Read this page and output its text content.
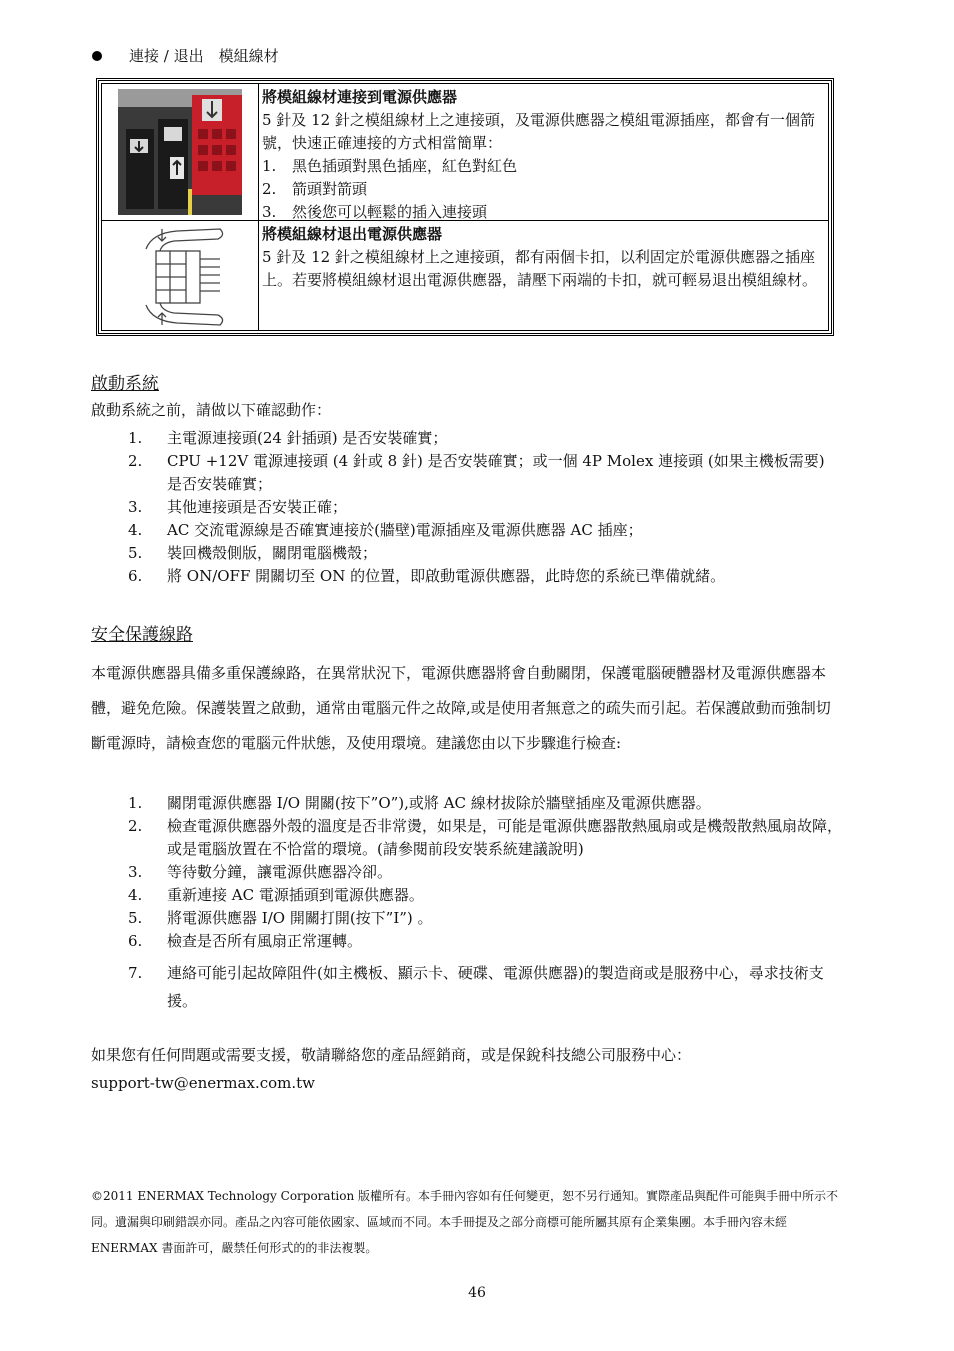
連接 / 退出　模組線材
將模組線材連接到電源供應器
5 針及 12 針之模組線材上之連接頭，及電源供應器之模組電源插座，都會有一個箭號，快速正確連接的方式相當簡單：
1. 黑色插頭對黑色插座，紅色對紅色
2. 箭頭對箭頭
3. 然後您可以輕鬆的插入連接頭
將模組線材退出電源供應器
5 針及 12 針之模組線材上之連接頭，都有兩個卡扣，以利固定於電源供應器之插座上。若要將模組線材退出電源供應器，請壓下兩端的卡扣，就可輕易退出模組線材。
啟動系統
啟動系統之前，請做以下確認動作：
1.	主電源連接頭(24 針插頭) 是否安裝確實；
2.	CPU +12V 電源連接頭 (4 針或 8 針) 是否安裝確實；或一個 4P Molex 連接頭 (如果主機板需要) 是否安裝確實；
3.	其他連接頭是否安裝正確；
4.	AC 交流電源線是否確實連接於(牆壁)電源插座及電源供應器 AC 插座；
5.	裝回機殼側版，關閉電腦機殼；
6.	將 ON/OFF 開關切至 ON 的位置，即啟動電源供應器，此時您的系統已準備就緒。
安全保護線路
本電源供應器具備多重保護線路，在異常狀況下，電源供應器將會自動關閉，保護電腦硬體器材及電源供應器本體，避免危險。保護裝置之啟動，通常由電腦元件之故障,或是使用者無意之的疏失而引起。若保護啟動而強制切斷電源時，請檢查您的電腦元件狀態，及使用環境。建議您由以下步驟進行檢查:
1.	關閉電源供應器 I/O 開關(按下”O”),或將 AC 線材拔除於牆壁插座及電源供應器。
2.	檢查電源供應器外殼的溫度是否非常燙，如果是，可能是電源供應器散熱風扇或是機殼散熱風扇故障，或是電腦放置在不恰當的環境。(請參閱前段安裝系統建議說明)
3.	等待數分鐘，讓電源供應器冷卻。
4.	重新連接 AC 電源插頭到電源供應器。
5.	將電源供應器 I/O 開關打開(按下”I”) 。
6.	檢查是否所有風扇正常運轉。
7.	連絡可能引起故障阻件(如主機板、顯示卡、硬碟、電源供應器)的製造商或是服務中心，尋求技術支援。
如果您有任何問題或需要支援，敬請聯絡您的產品經銷商，或是保銳科技總公司服務中心：
support-tw@enermax.com.tw
©2011 ENERMAX Technology Corporation 版權所有。本手冊內容如有任何變更，恕不另行通知。實際產品與配件可能與手冊中所示不同。遺漏與印刷錯誤亦同。產品之內容可能依國家、區域而不同。本手冊提及之部分商標可能所屬其原有企業集團。本手冊內容未經 ENERMAX 書面許可，嚴禁任何形式的的非法複製。
46
